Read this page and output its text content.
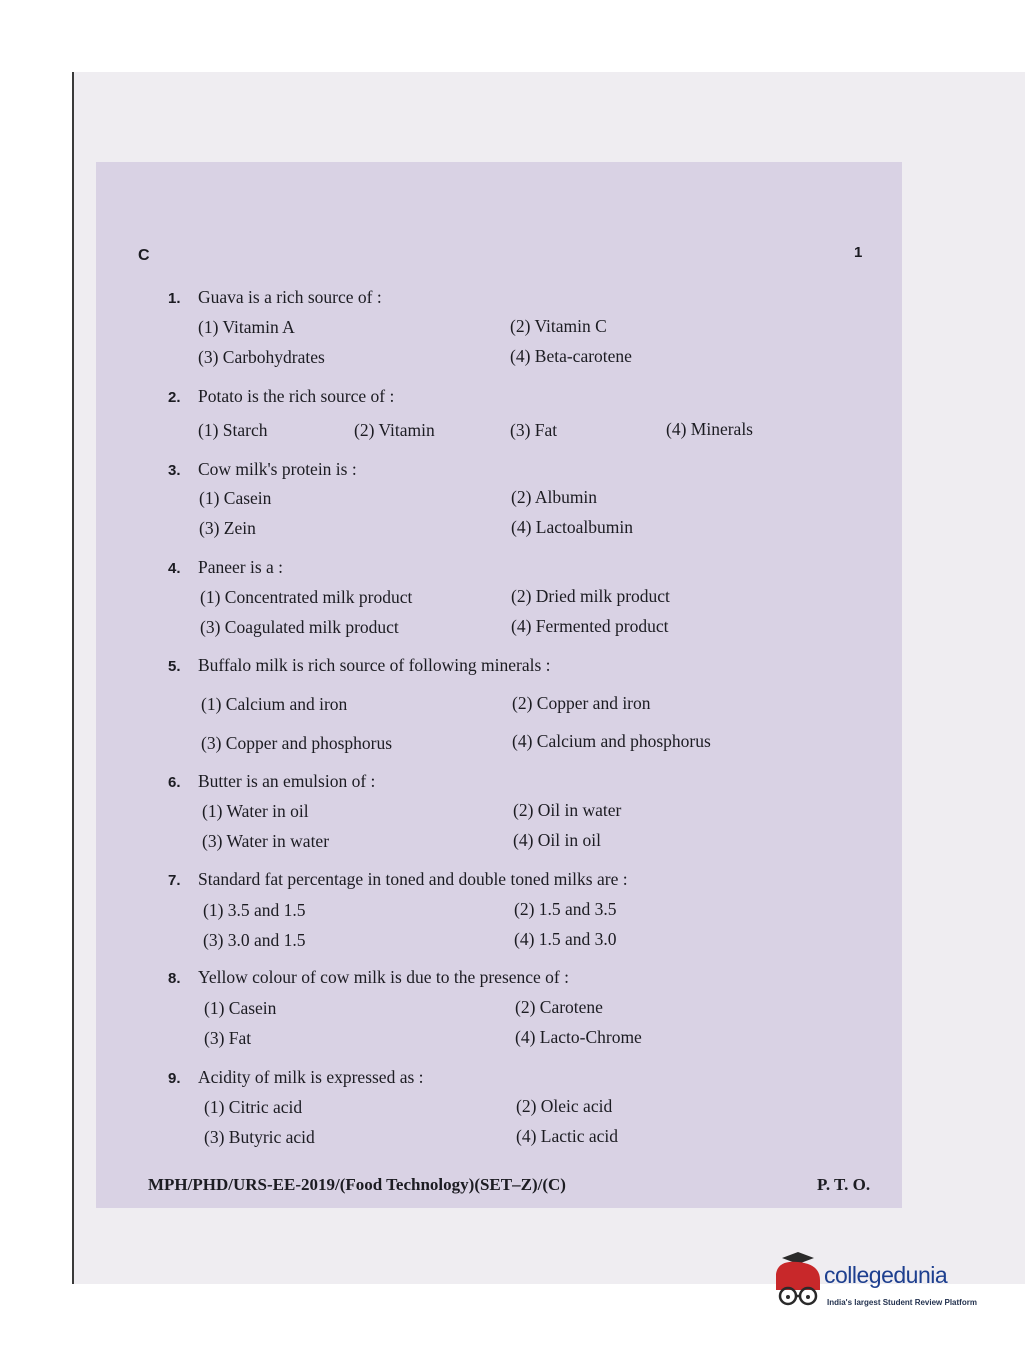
C	1
1. Guava is a rich source of :
(1) Vitamin A	(2) Vitamin C
(3) Carbohydrates	(4) Beta-carotene
2. Potato is the rich source of :
(1) Starch	(2) Vitamin	(3) Fat	(4) Minerals
3. Cow milk's protein is :
(1) Casein	(2) Albumin
(3) Zein	(4) Lactoalbumin
4. Paneer is a :
(1) Concentrated milk product	(2) Dried milk product
(3) Coagulated milk product	(4) Fermented product
5. Buffalo milk is rich source of following minerals :
(1) Calcium and iron	(2) Copper and iron
(3) Copper and phosphorus	(4) Calcium and phosphorus
6. Butter is an emulsion of :
(1) Water in oil	(2) Oil in water
(3) Water in water	(4) Oil in oil
7. Standard fat percentage in toned and double toned milks are :
(1) 3.5 and 1.5	(2) 1.5 and 3.5
(3) 3.0 and 1.5	(4) 1.5 and 3.0
8. Yellow colour of cow milk is due to the presence of :
(1) Casein	(2) Carotene
(3) Fat	(4) Lacto-Chrome
9. Acidity of milk is expressed as :
(1) Citric acid	(2) Oleic acid
(3) Butyric acid	(4) Lactic acid
MPH/PHD/URS-EE-2019/(Food Technology)(SET–Z)/(C)	P. T. O.
collegedunia
India's largest Student Review Platform
